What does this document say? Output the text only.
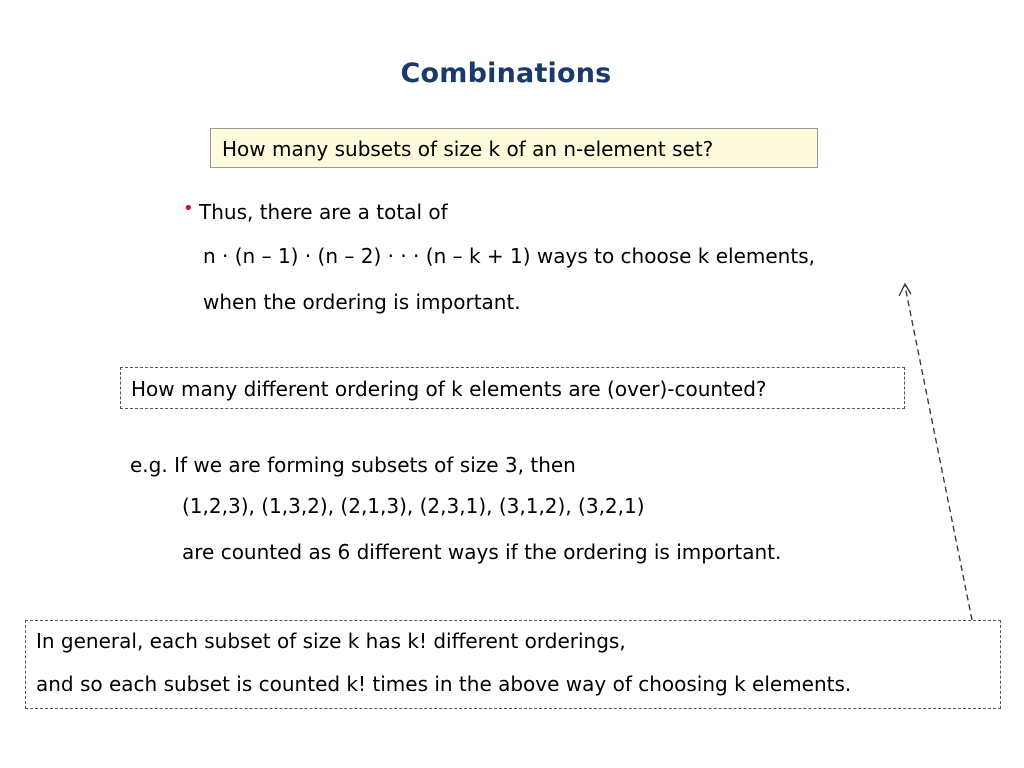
Combinations
How many subsets of size k of an n-element set?
• Thus, there are a total of
n · (n – 1) · (n – 2) · · · (n – k + 1) ways to choose k elements,
when the ordering is important.
How many different ordering of k elements are (over)-counted?
e.g. If we are forming subsets of size 3, then
(1,2,3), (1,3,2), (2,1,3), (2,3,1), (3,1,2), (3,2,1)
are counted as 6 different ways if the ordering is important.
In general, each subset of size k has k! different orderings,
and so each subset is counted k! times in the above way of choosing k elements.
